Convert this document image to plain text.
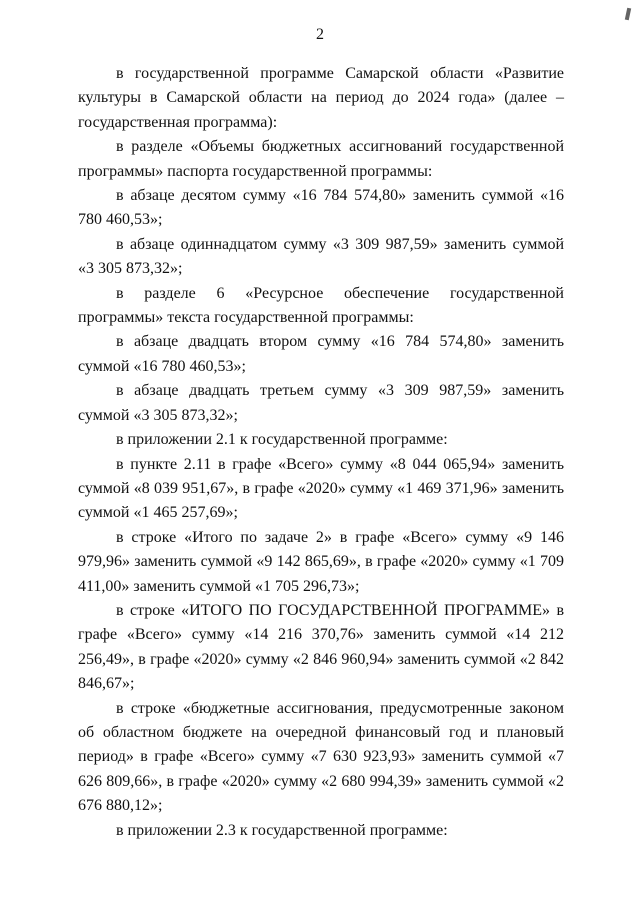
2

в государственной программе Самарской области «Развитие культуры в Самарской области на период до 2024 года» (далее – государственная программа):

в разделе «Объемы бюджетных ассигнований государственной программы» паспорта государственной программы:

в абзаце десятом сумму «16 784 574,80» заменить суммой «16 780 460,53»;

в абзаце одиннадцатом сумму «3 309 987,59» заменить суммой «3 305 873,32»;

в разделе 6 «Ресурсное обеспечение государственной программы» текста государственной программы:

в абзаце двадцать втором сумму «16 784 574,80» заменить суммой «16 780 460,53»;

в абзаце двадцать третьем сумму «3 309 987,59» заменить суммой «3 305 873,32»;

в приложении 2.1 к государственной программе:

в пункте 2.11 в графе «Всего» сумму «8 044 065,94» заменить суммой «8 039 951,67», в графе «2020» сумму «1 469 371,96» заменить суммой «1 465 257,69»;

в строке «Итого по задаче 2» в графе «Всего» сумму «9 146 979,96» заменить суммой «9 142 865,69», в графе «2020» сумму «1 709 411,00» заменить суммой «1 705 296,73»;

в строке «ИТОГО ПО ГОСУДАРСТВЕННОЙ ПРОГРАММЕ» в графе «Всего» сумму «14 216 370,76» заменить суммой «14 212 256,49», в графе «2020» сумму «2 846 960,94» заменить суммой «2 842 846,67»;

в строке «бюджетные ассигнования, предусмотренные законом об областном бюджете на очередной финансовый год и плановый период» в графе «Всего» сумму «7 630 923,93» заменить суммой «7 626 809,66», в графе «2020» сумму «2 680 994,39» заменить суммой «2 676 880,12»;

в приложении 2.3 к государственной программе:
